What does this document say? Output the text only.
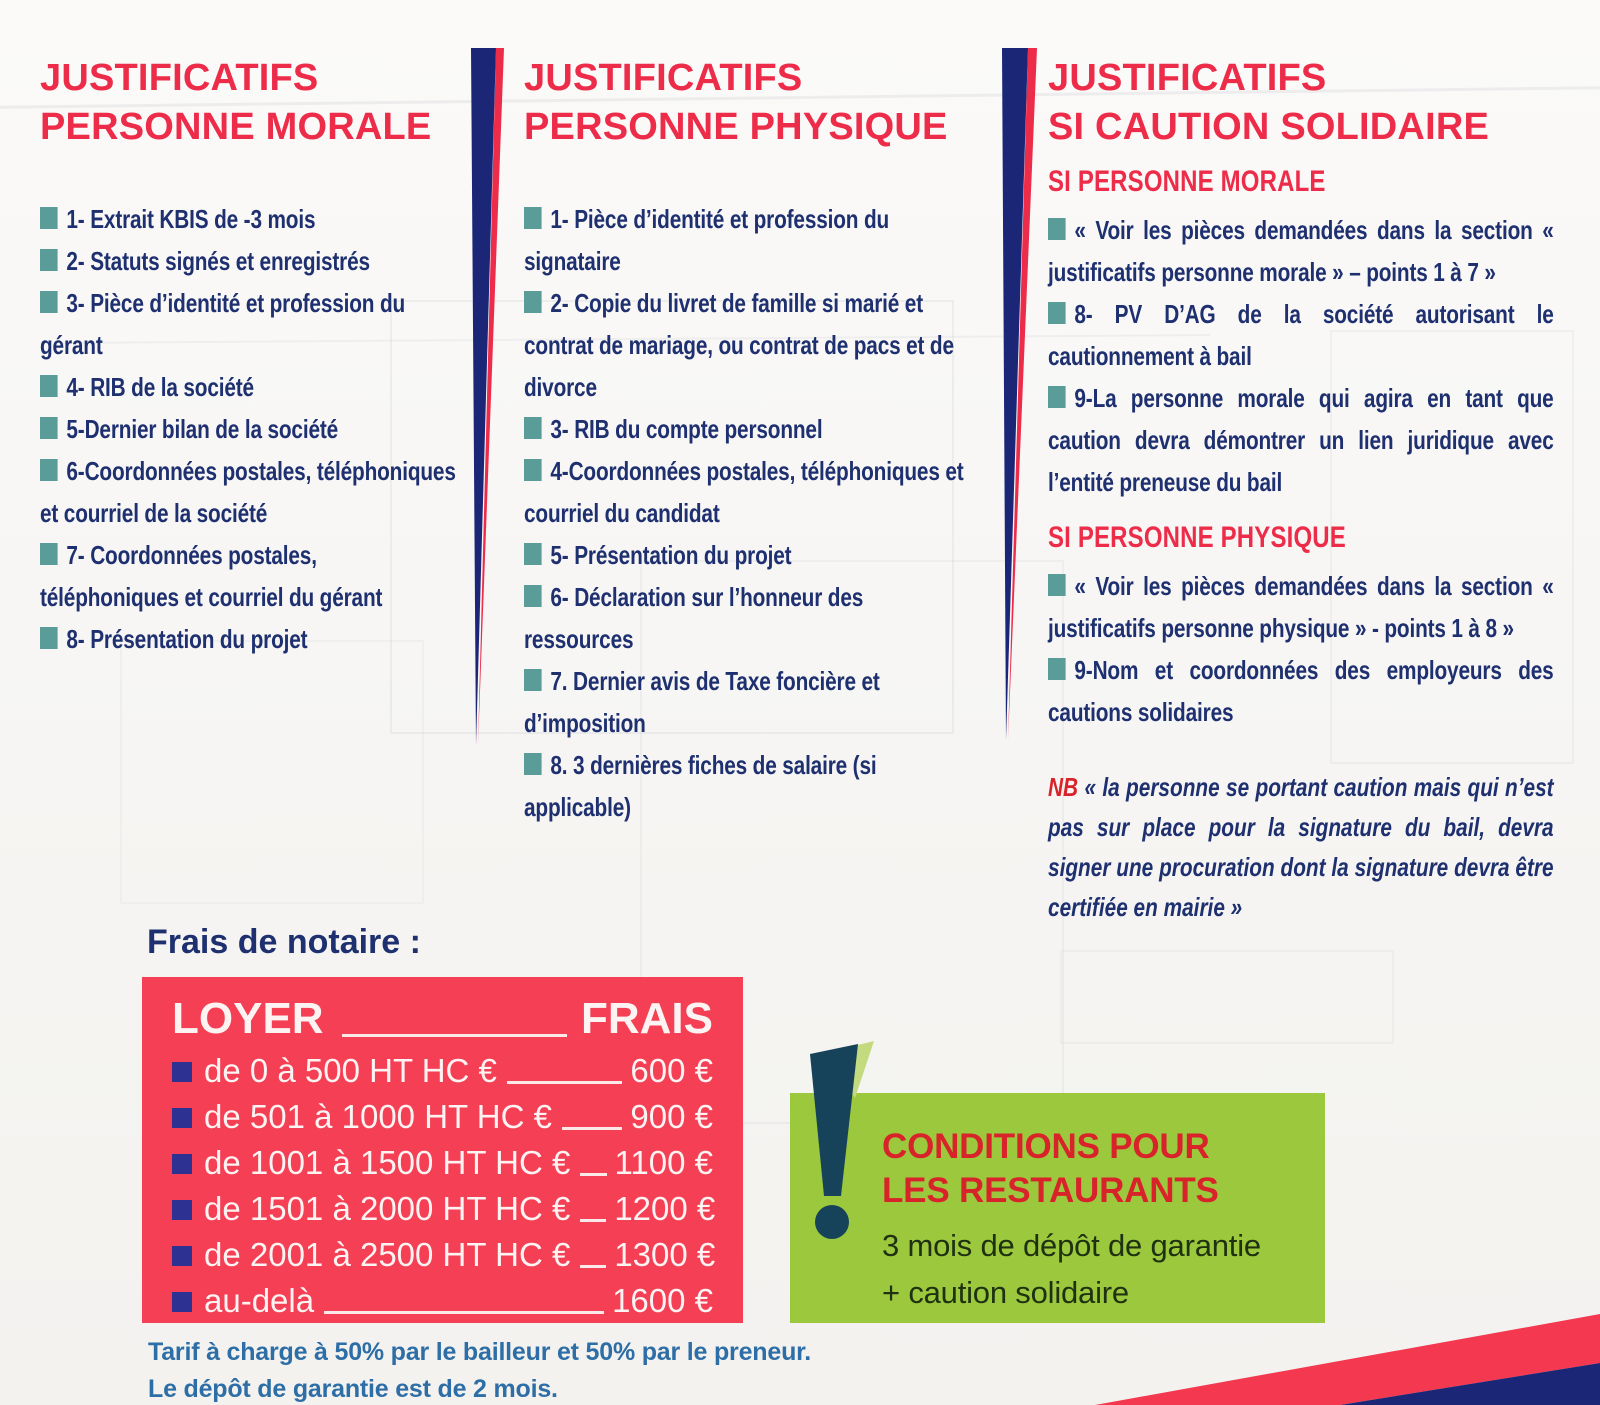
JUSTIFICATIFS
PERSONNE MORALE
JUSTIFICATIFS
PERSONNE PHYSIQUE
JUSTIFICATIFS
SI CAUTION SOLIDAIRE

1- Extrait KBIS de -3 mois

2- Statuts signés et enregistrés

3- Pièce d’identité et profession du gérant

4- RIB de la société

5-Dernier bilan de la société

6-Coordonnées postales, téléphoniques et courriel de la société

7- Coordonnées postales, téléphoniques et courriel du gérant

8- Présentation du projet

1- Pièce d’identité et profession du signataire

2- Copie du livret de famille si marié et contrat de mariage, ou contrat de pacs et de divorce

3- RIB du compte personnel

4-Coordonnées postales, téléphoniques et courriel du candidat

5- Présentation du projet

6- Déclaration sur l’honneur des ressources

7. Dernier avis de Taxe foncière et d’imposition

8. 3 dernières fiches de salaire (si applicable)

SI PERSONNE MORALE

« Voir les pièces demandées dans la section « justificatifs personne morale » – points 1 à 7 »

8- PV D’AG de la société autorisant le cautionnement à bail

9-La personne morale qui agira en tant que caution devra démontrer un lien juridique avec l’entité preneuse du bail

SI PERSONNE PHYSIQUE

« Voir les pièces demandées dans la section « justificatifs personne physique » - points 1 à 8 »

9-Nom et coordonnées des employeurs des cautions solidaires

NB « la personne se portant caution mais qui n’est pas sur place pour la signature du bail, devra signer une procuration dont la signature devra être certifiée en mairie »

Frais de notaire :
LOYER	FRAIS
de 0 à 500 HT HC €	600 €
de 501 à 1000 HT HC € 900 €
de 1001 à 1500 HT HC € 1100 €
de 1501 à 2000 HT HC € 1200 €
de 2001 à 2500 HT HC € 1300 €
au-delà	1600 €

Tarif à charge à 50% par le bailleur et 50% par le preneur.
Le dépôt de garantie est de 2 mois.

CONDITIONS POUR
LES RESTAURANTS

3 mois de dépôt de garantie
+ caution solidaire
